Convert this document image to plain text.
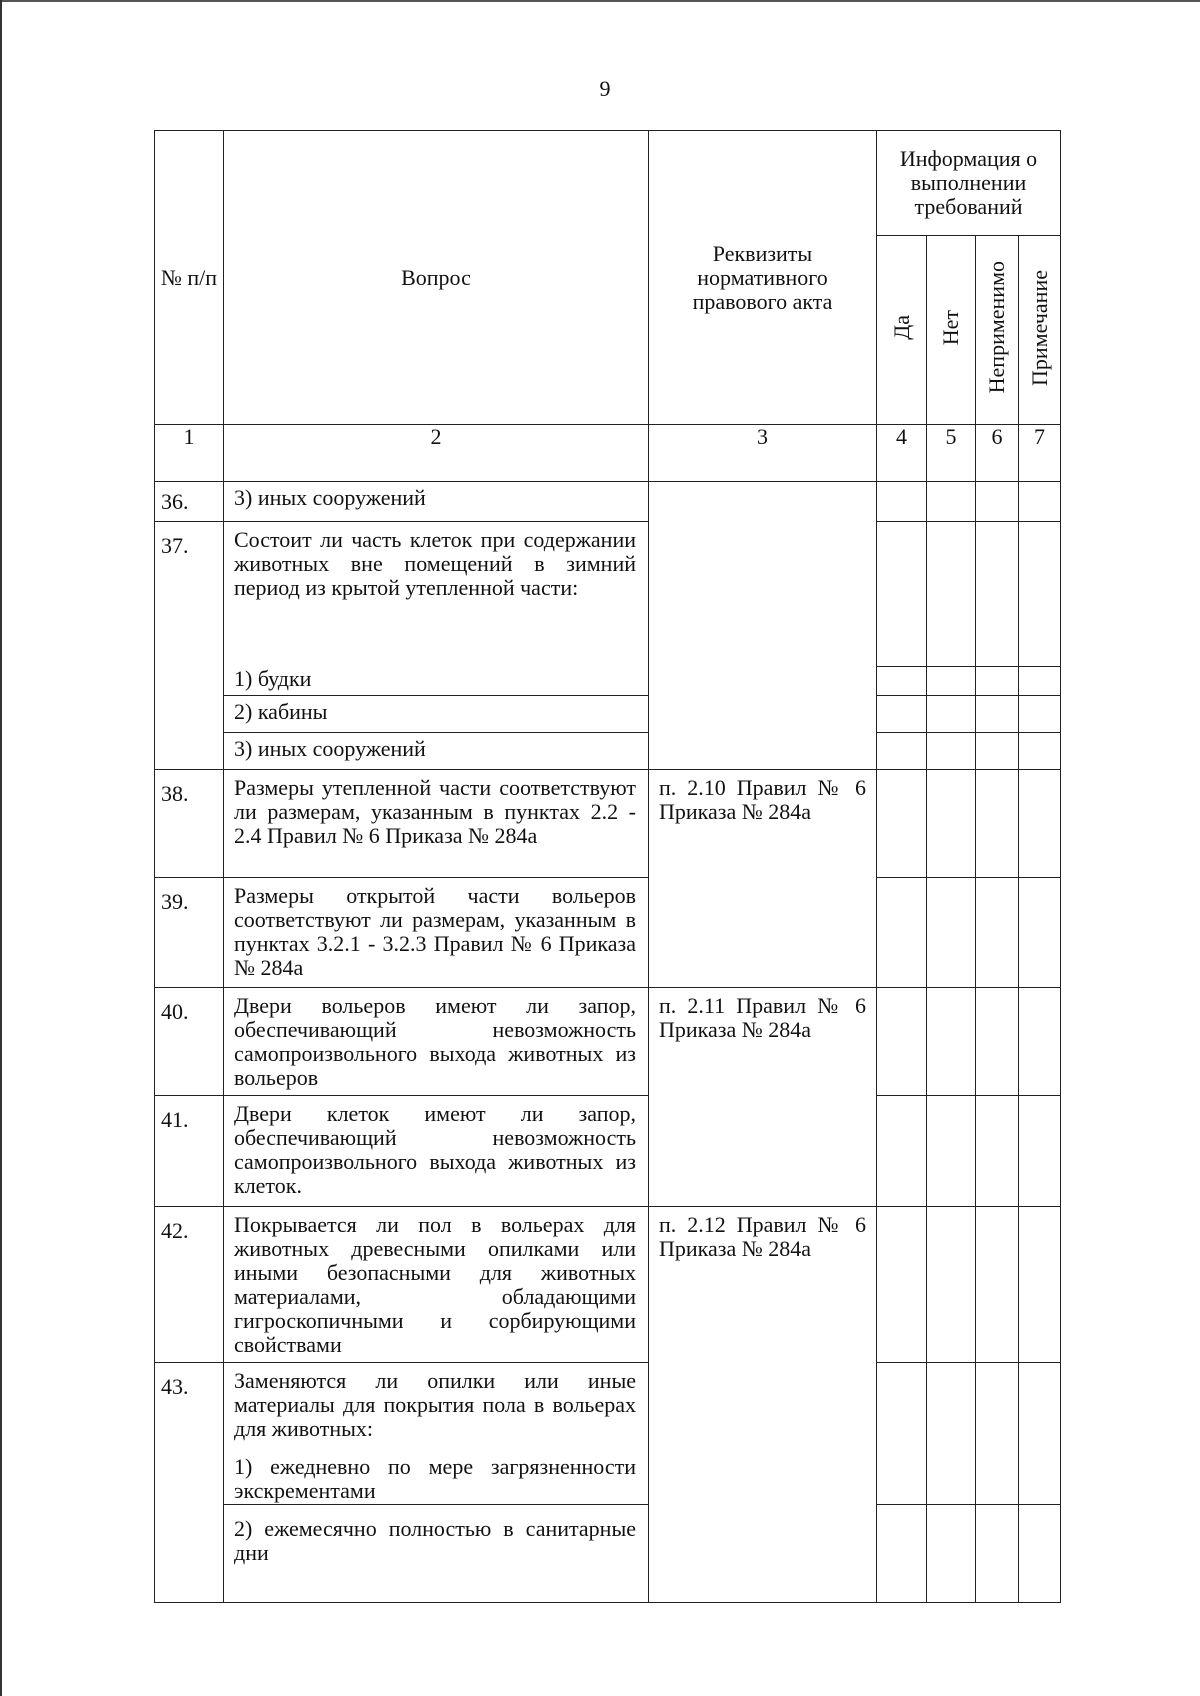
9
№ п/п	Вопрос	Реквизиты нормативного правового акта	Информация о выполнении требований			
			Да	Нет	Неприменимо	Примечание
1	2	3	4	5	6	7
36.	3) иных сооружений					
37.	Состоит ли часть клеток при содержании животных вне помещений в зимний период из крытой утепленной части:					
	1) будки					
	2) кабины					
	3) иных сооружений					
38.	Размеры утепленной части соответствуют ли размерам, указанным в пунктах 2.2 - 2.4 Правил № 6 Приказа № 284а	п. 2.10 Правил № 6 Приказа № 284а				
39.	Размеры открытой части вольеров соответствуют ли размерам, указанным в пунктах 3.2.1 - 3.2.3 Правил № 6 Приказа № 284а					
40.	Двери вольеров имеют ли запор, обеспечивающий невозможность самопроизвольного выхода животных из вольеров	п. 2.11 Правил № 6 Приказа № 284а				
41.	Двери клеток имеют ли запор, обеспечивающий невозможность самопроизвольного выхода животных из клеток.					
42.	Покрывается ли пол в вольерах для животных древесными опилками или иными безопасными для животных материалами, обладающими гигроскопичными и сорбирующими свойствами	п. 2.12 Правил № 6 Приказа № 284а				
43.	Заменяются ли опилки или иные материалы для покрытия пола в вольерах для животных:

1) ежедневно по мере загрязненности экскрементами					

	2) ежемесячно полностью в санитарные дни					
